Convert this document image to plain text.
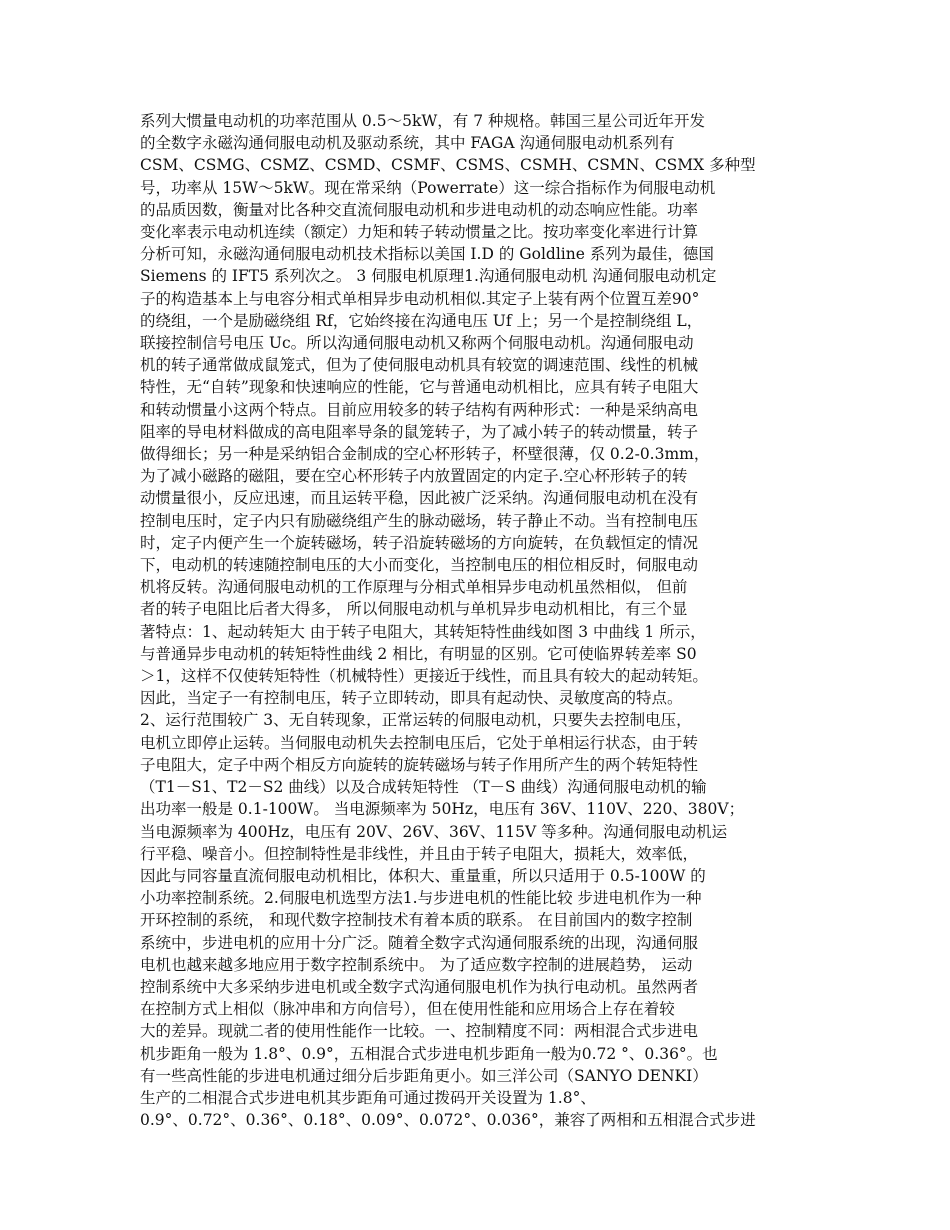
系列大惯量电动机的功率范围从 0.5～5kW，有 7 种规格。韩国三星公司近年开发
的全数字永磁沟通伺服电动机及驱动系统，其中 FAGA 沟通伺服电动机系列有
CSM、CSMG、CSMZ、CSMD、CSMF、CSMS、CSMH、CSMN、CSMX 多种型
号，功率从 15W～5kW。现在常采纳（Powerrate）这一综合指标作为伺服电动机
的品质因数，衡量对比各种交直流伺服电动机和步进电动机的动态响应性能。功率
变化率表示电动机连续（额定）力矩和转子转动惯量之比。按功率变化率进行计算
分析可知，永磁沟通伺服电动机技术指标以美国 I.D 的 Goldline 系列为最佳，德国
Siemens 的 IFT5 系列次之。 3 伺服电机原理1.沟通伺服电动机 沟通伺服电动机定
子的构造基本上与电容分相式单相异步电动机相似.其定子上装有两个位置互差90°
的绕组，一个是励磁绕组 Rf，它始终接在沟通电压 Uf 上；另一个是控制绕组 L，
联接控制信号电压 Uc。所以沟通伺服电动机又称两个伺服电动机。沟通伺服电动
机的转子通常做成鼠笼式，但为了使伺服电动机具有较宽的调速范围、线性的机械
特性，无“自转”现象和快速响应的性能，它与普通电动机相比，应具有转子电阻大
和转动惯量小这两个特点。目前应用较多的转子结构有两种形式：一种是采纳高电
阻率的导电材料做成的高电阻率导条的鼠笼转子，为了减小转子的转动惯量，转子
做得细长；另一种是采纳铝合金制成的空心杯形转子，杯壁很薄，仅 0.2-0.3mm，
为了减小磁路的磁阻，要在空心杯形转子内放置固定的内定子.空心杯形转子的转
动惯量很小，反应迅速，而且运转平稳，因此被广泛采纳。沟通伺服电动机在没有
控制电压时，定子内只有励磁绕组产生的脉动磁场，转子静止不动。当有控制电压
时，定子内便产生一个旋转磁场，转子沿旋转磁场的方向旋转，在负载恒定的情况
下，电动机的转速随控制电压的大小而变化，当控制电压的相位相反时，伺服电动
机将反转。沟通伺服电动机的工作原理与分相式单相异步电动机虽然相似， 但前
者的转子电阻比后者大得多， 所以伺服电动机与单机异步电动机相比，有三个显
著特点：1、起动转矩大 由于转子电阻大，其转矩特性曲线如图 3 中曲线 1 所示，
与普通异步电动机的转矩特性曲线 2 相比，有明显的区别。它可使临界转差率 S0
＞1，这样不仅使转矩特性（机械特性）更接近于线性，而且具有较大的起动转矩。
因此，当定子一有控制电压，转子立即转动，即具有起动快、灵敏度高的特点。
2、运行范围较广 3、无自转现象，正常运转的伺服电动机，只要失去控制电压，
电机立即停止运转。当伺服电动机失去控制电压后，它处于单相运行状态，由于转
子电阻大，定子中两个相反方向旋转的旋转磁场与转子作用所产生的两个转矩特性
（T1－S1、T2－S2 曲线）以及合成转矩特性 （T－S 曲线）沟通伺服电动机的输
出功率一般是 0.1-100W。 当电源频率为 50Hz，电压有 36V、110V、220、380V；
当电源频率为 400Hz，电压有 20V、26V、36V、115V 等多种。沟通伺服电动机运
行平稳、噪音小。但控制特性是非线性，并且由于转子电阻大，损耗大，效率低，
因此与同容量直流伺服电动机相比，体积大、重量重，所以只适用于 0.5-100W 的
小功率控制系统。2.伺服电机选型方法1.与步进电机的性能比较 步进电机作为一种
开环控制的系统， 和现代数字控制技术有着本质的联系。 在目前国内的数字控制
系统中，步进电机的应用十分广泛。随着全数字式沟通伺服系统的出现，沟通伺服
电机也越来越多地应用于数字控制系统中。 为了适应数字控制的进展趋势， 运动
控制系统中大多采纳步进电机或全数字式沟通伺服电机作为执行电动机。虽然两者
在控制方式上相似（脉冲串和方向信号），但在使用性能和应用场合上存在着较
大的差异。现就二者的使用性能作一比较。一、控制精度不同：两相混合式步进电
机步距角一般为 1.8°、0.9°，五相混合式步进电机步距角一般为0.72 °、0.36°。也
有一些高性能的步进电机通过细分后步距角更小。如三洋公司（SANYO DENKI）
生产的二相混合式步进电机其步距角可通过拨码开关设置为 1.8°、
0.9°、0.72°、0.36°、0.18°、0.09°、0.072°、0.036°，兼容了两相和五相混合式步进
